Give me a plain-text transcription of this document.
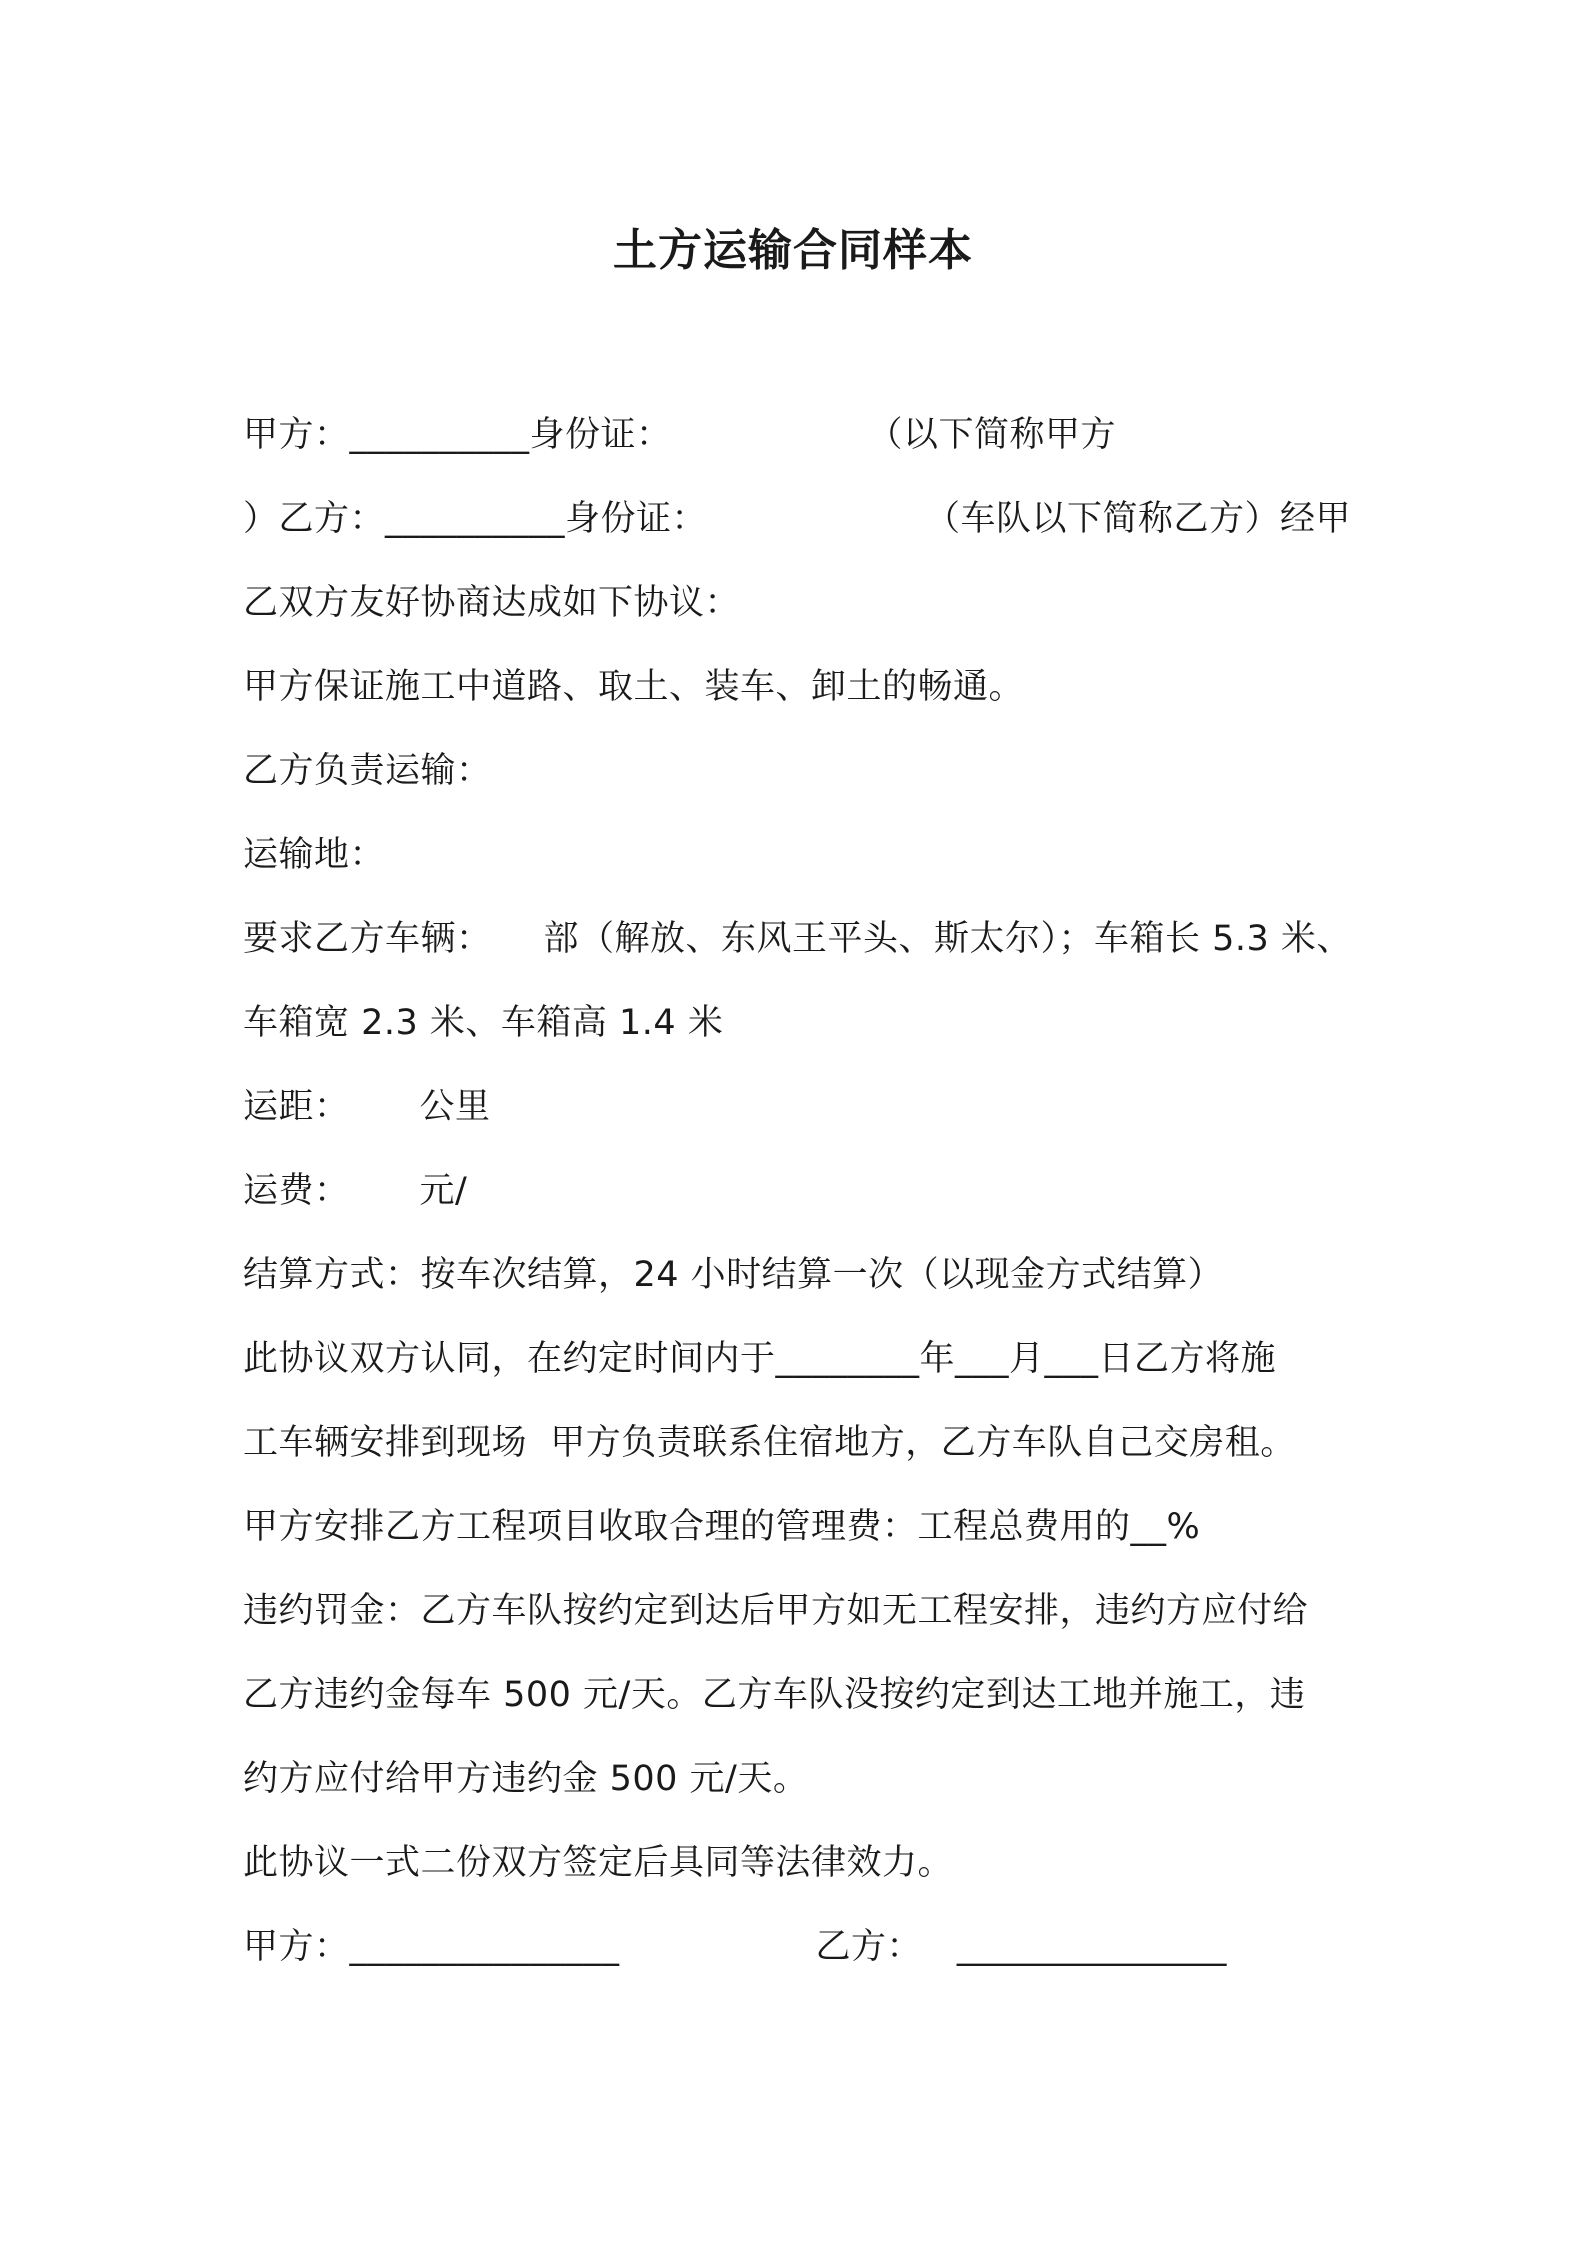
土方运输合同样本
甲方：__________身份证：	（以下简称甲方
）乙方：__________身份证：	（车队以下简称乙方）经甲
乙双方友好协商达成如下协议：
甲方保证施工中道路、取土、装车、卸土的畅通。
乙方负责运输：
运输地：
要求乙方车辆： 部（解放、东风王平头、斯太尔）；车箱长 5.3 米、
车箱宽 2.3 米、车箱高 1.4 米
运距： 公里
运费： 元/
结算方式：按车次结算，24 小时结算一次（以现金方式结算）
此协议双方认同，在约定时间内于________年___月___日乙方将施
工车辆安排到现场  甲方负责联系住宿地方，乙方车队自己交房租。
甲方安排乙方工程项目收取合理的管理费：工程总费用的__%
违约罚金：乙方车队按约定到达后甲方如无工程安排，违约方应付给
乙方违约金每车 500 元/天。乙方车队没按约定到达工地并施工，违
约方应付给甲方违约金 500 元/天。
此协议一式二份双方签定后具同等法律效力。
甲方：_______________	乙方：   _______________
